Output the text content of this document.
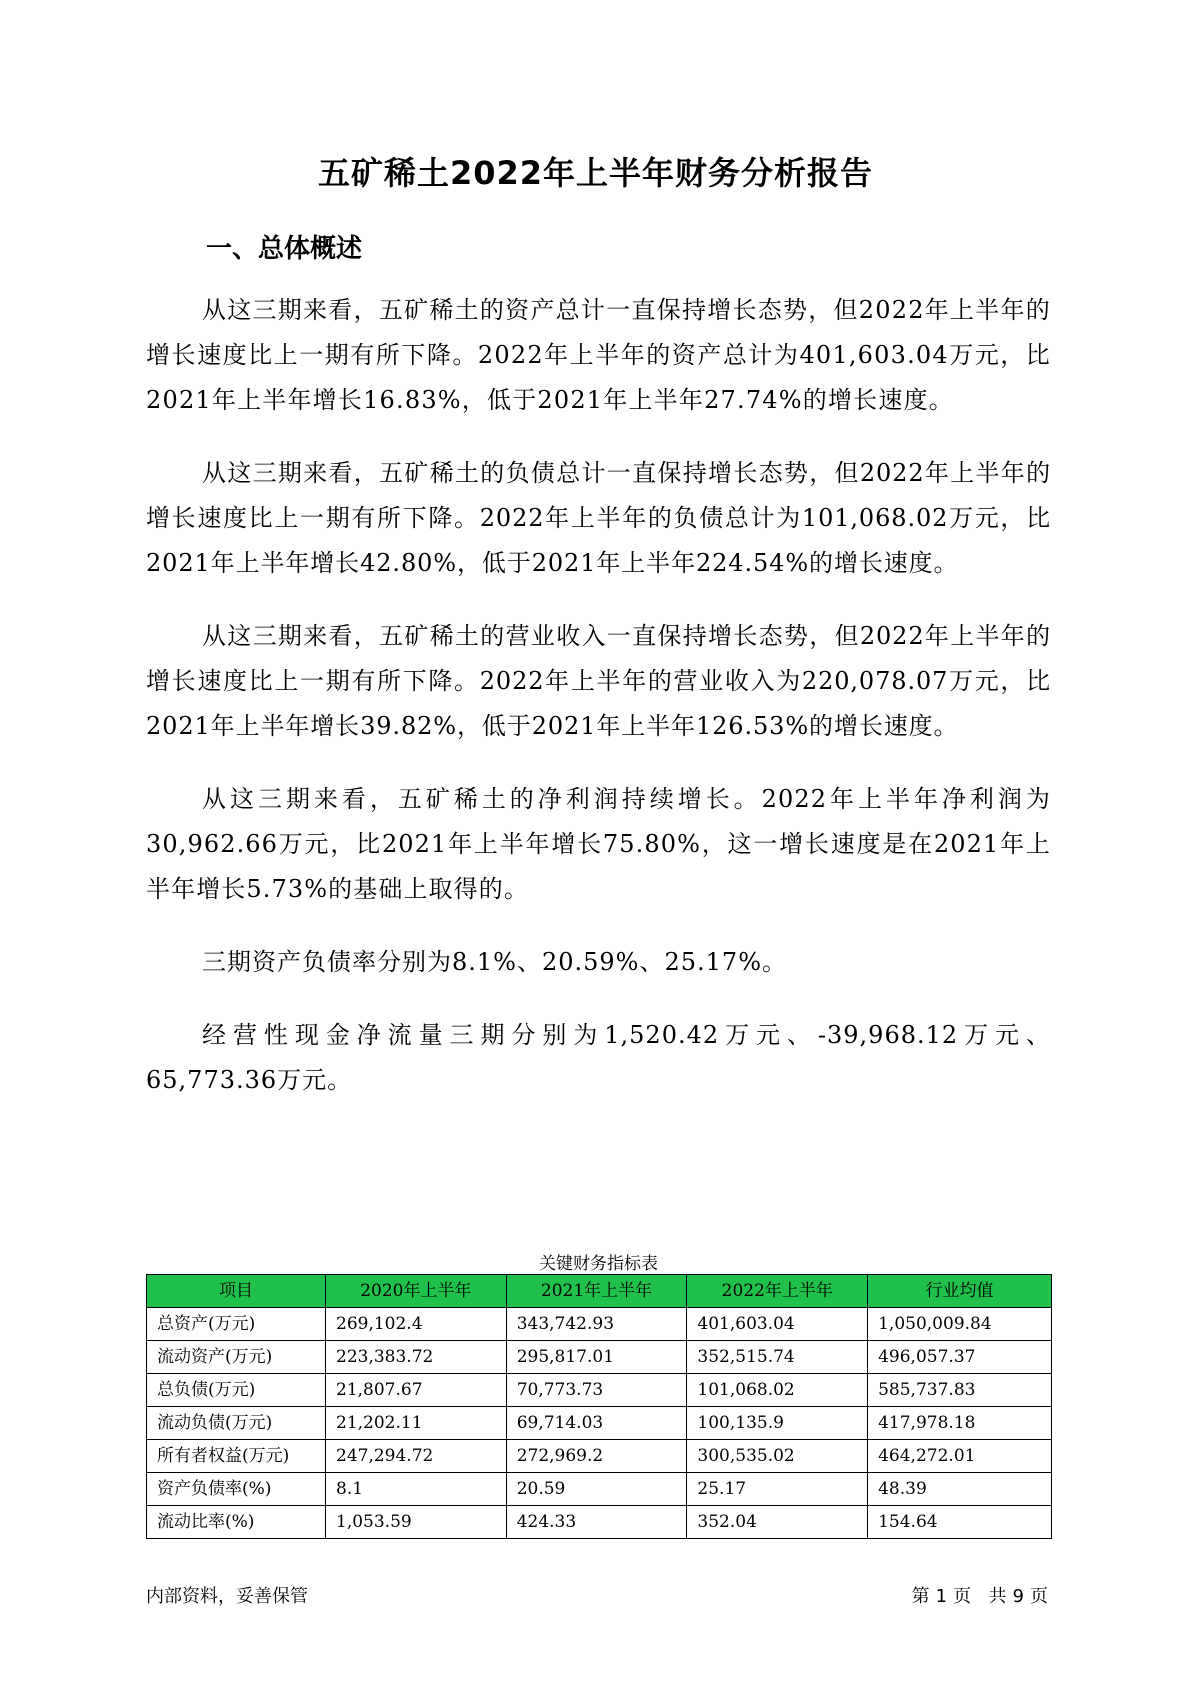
五矿稀土2022年上半年财务分析报告
一、总体概述

从这三期来看，五矿稀土的资产总计一直保持增长态势，但2022年上半年的增长速度比上一期有所下降。2022年上半年的资产总计为401,603.04万元，比2021年上半年增长16.83%，低于2021年上半年27.74%的增长速度。

从这三期来看，五矿稀土的负债总计一直保持增长态势，但2022年上半年的增长速度比上一期有所下降。2022年上半年的负债总计为101,068.02万元，比2021年上半年增长42.80%，低于2021年上半年224.54%的增长速度。

从这三期来看，五矿稀土的营业收入一直保持增长态势，但2022年上半年的增长速度比上一期有所下降。2022年上半年的营业收入为220,078.07万元，比2021年上半年增长39.82%，低于2021年上半年126.53%的增长速度。

从这三期来看，五矿稀土的净利润持续增长。2022年上半年净利润为30,962.66万元，比2021年上半年增长75.80%，这一增长速度是在2021年上半年增长5.73%的基础上取得的。

三期资产负债率分别为8.1%、20.59%、25.17%。

经营性现金净流量三期分别为1,520.42万元、-39,968.12万元、65,773.36万元。

关键财务指标表
项目	2020年上半年	2021年上半年	2022年上半年	行业均值
总资产(万元)	269,102.4	343,742.93	401,603.04	1,050,009.84
流动资产(万元)	223,383.72	295,817.01	352,515.74	496,057.37
总负债(万元)	21,807.67	70,773.73	101,068.02	585,737.83
流动负债(万元)	21,202.11	69,714.03	100,135.9	417,978.18
所有者权益(万元)	247,294.72	272,969.2	300,535.02	464,272.01
资产负债率(%)	8.1	20.59	25.17	48.39
流动比率(%)	1,053.59	424.33	352.04	154.64
内部资料，妥善保管	第 1 页 共 9 页
